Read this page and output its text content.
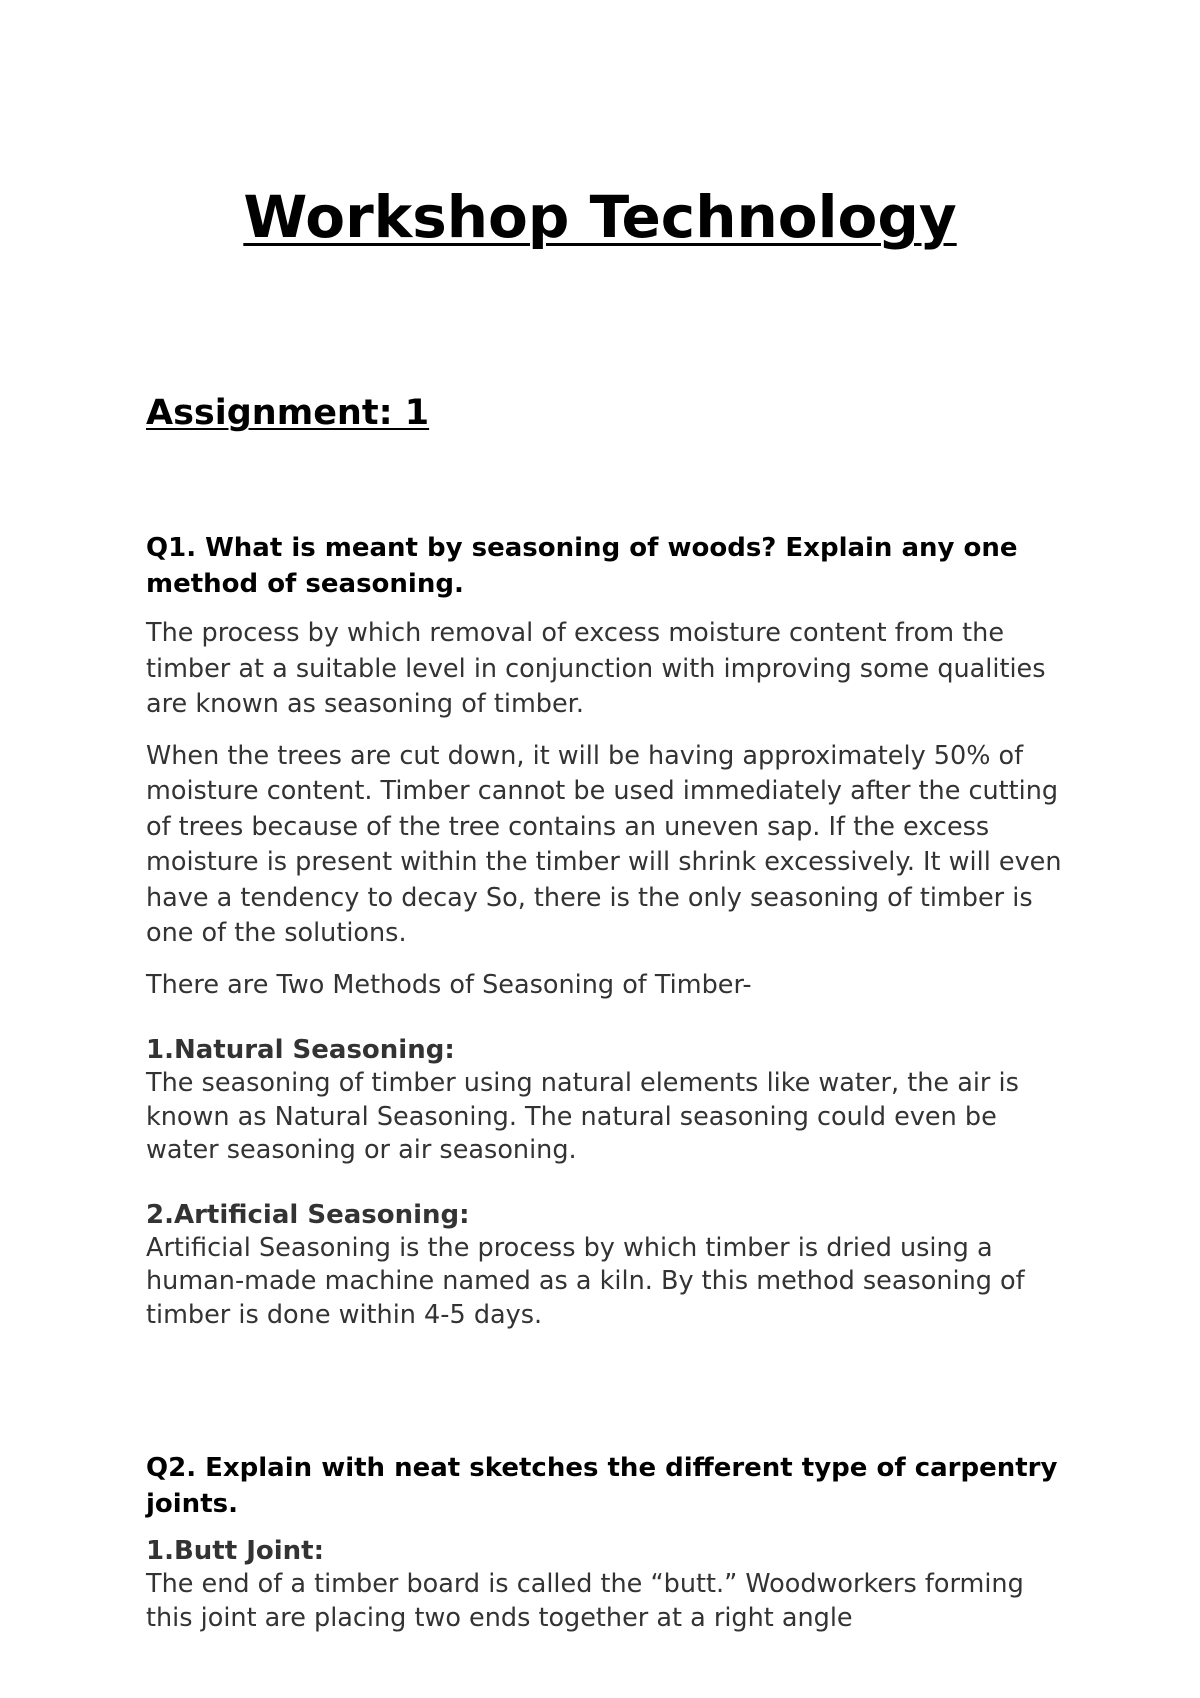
Workshop Technology
Assignment: 1
Q1. What is meant by seasoning of woods? Explain any one method of seasoning.

The process by which removal of excess moisture content from the timber at a suitable level in conjunction with improving some qualities are known as seasoning of timber.

When the trees are cut down, it will be having approximately 50% of moisture content. Timber cannot be used immediately after the cutting of trees because of the tree contains an uneven sap. If the excess moisture is present within the timber will shrink excessively. It will even have a tendency to decay So, there is the only seasoning of timber is one of the solutions.

There are Two Methods of Seasoning of Timber-

1.Natural Seasoning:

The seasoning of timber using natural elements like water, the air is known as Natural Seasoning. The natural seasoning could even be water seasoning or air seasoning.

2.Artificial Seasoning:

Artificial Seasoning is the process by which timber is dried using a human-made machine named as a kiln. By this method seasoning of timber is done within 4-5 days.

Q2. Explain with neat sketches the different type of carpentry joints.
1.Butt Joint:

The end of a timber board is called the “butt.” Woodworkers forming this joint are placing two ends together at a right angle
